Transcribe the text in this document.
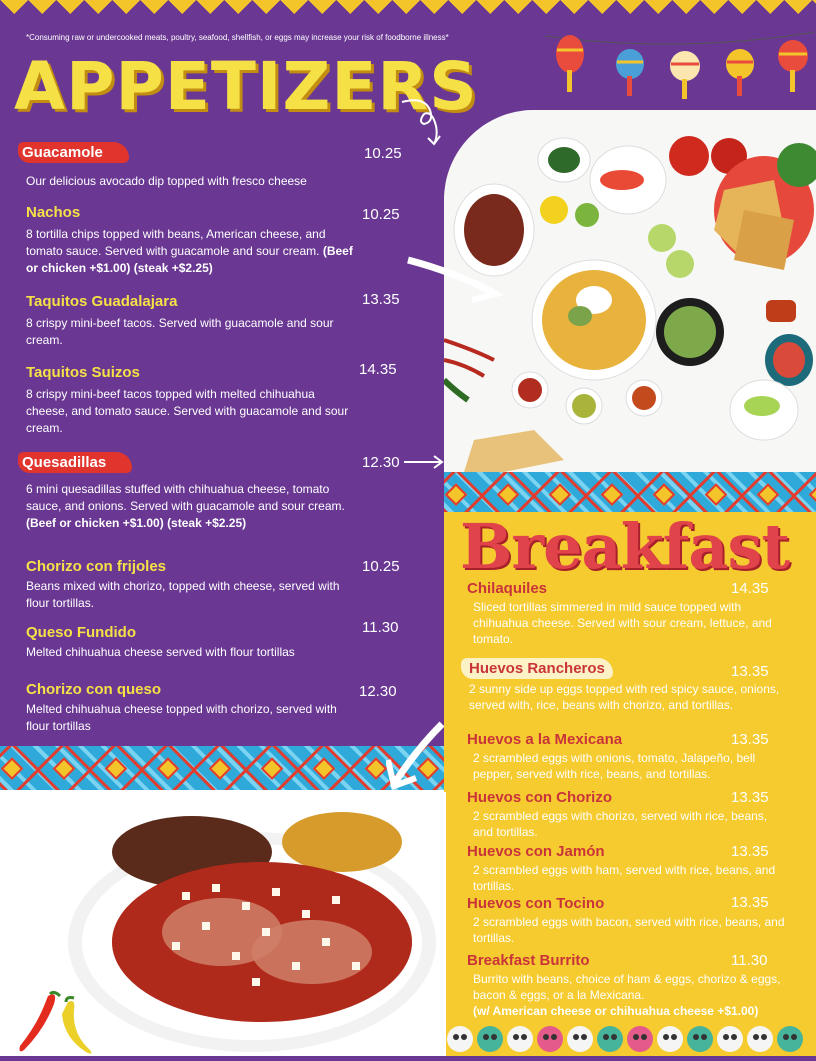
*Consuming raw or undercooked meats, poultry, seafood, shellfish, or eggs may increase your risk of foodborne illness*
APPETIZERS
Guacamole
Our delicious avocado dip topped with fresco cheese
10.25
Nachos
8 tortilla chips topped with beans, American cheese, and tomato sauce. Served with guacamole and sour cream. (Beef or chicken +$1.00) (steak +$2.25)
10.25
Taquitos Guadalajara
8 crispy mini-beef tacos. Served with guacamole and sour cream.
13.35
Taquitos Suizos
8 crispy mini-beef tacos topped with melted chihuahua cheese, and tomato sauce. Served with guacamole and sour cream.
14.35
Quesadillas
6 mini quesadillas stuffed with chihuahua cheese, tomato sauce, and onions. Served with guacamole and sour cream.
(Beef or chicken +$1.00) (steak +$2.25)
12.30
Chorizo con frijoles
Beans mixed with chorizo, topped with cheese, served with flour tortillas.
10.25
Queso Fundido
Melted chihuahua cheese served with flour tortillas
11.30
Chorizo con queso
Melted chihuahua cheese topped with chorizo, served with flour tortillas
12.30
Breakfast
Chilaquiles
Sliced tortillas simmered in mild sauce topped with chihuahua cheese. Served with sour cream, lettuce, and tomato.
14.35
Huevos Rancheros
2 sunny side up eggs topped with red spicy sauce, onions, served with, rice, beans with chorizo, and tortillas.
13.35
Huevos a la Mexicana
2 scrambled eggs with onions, tomato, Jalapeño, bell pepper, served with rice, beans, and tortillas.
13.35
Huevos con Chorizo
2 scrambled eggs with chorizo, served with rice, beans, and tortillas.
13.35
Huevos con Jamón
2 scrambled eggs with ham, served with rice, beans, and tortillas.
13.35
Huevos con Tocino
2 scrambled eggs with bacon, served with rice, beans, and tortillas.
13.35
Breakfast Burrito
Burrito with beans, choice of ham & eggs, chorizo & eggs, bacon & eggs, or a la Mexicana.
(w/ American cheese or chihuahua cheese +$1.00)
11.30
